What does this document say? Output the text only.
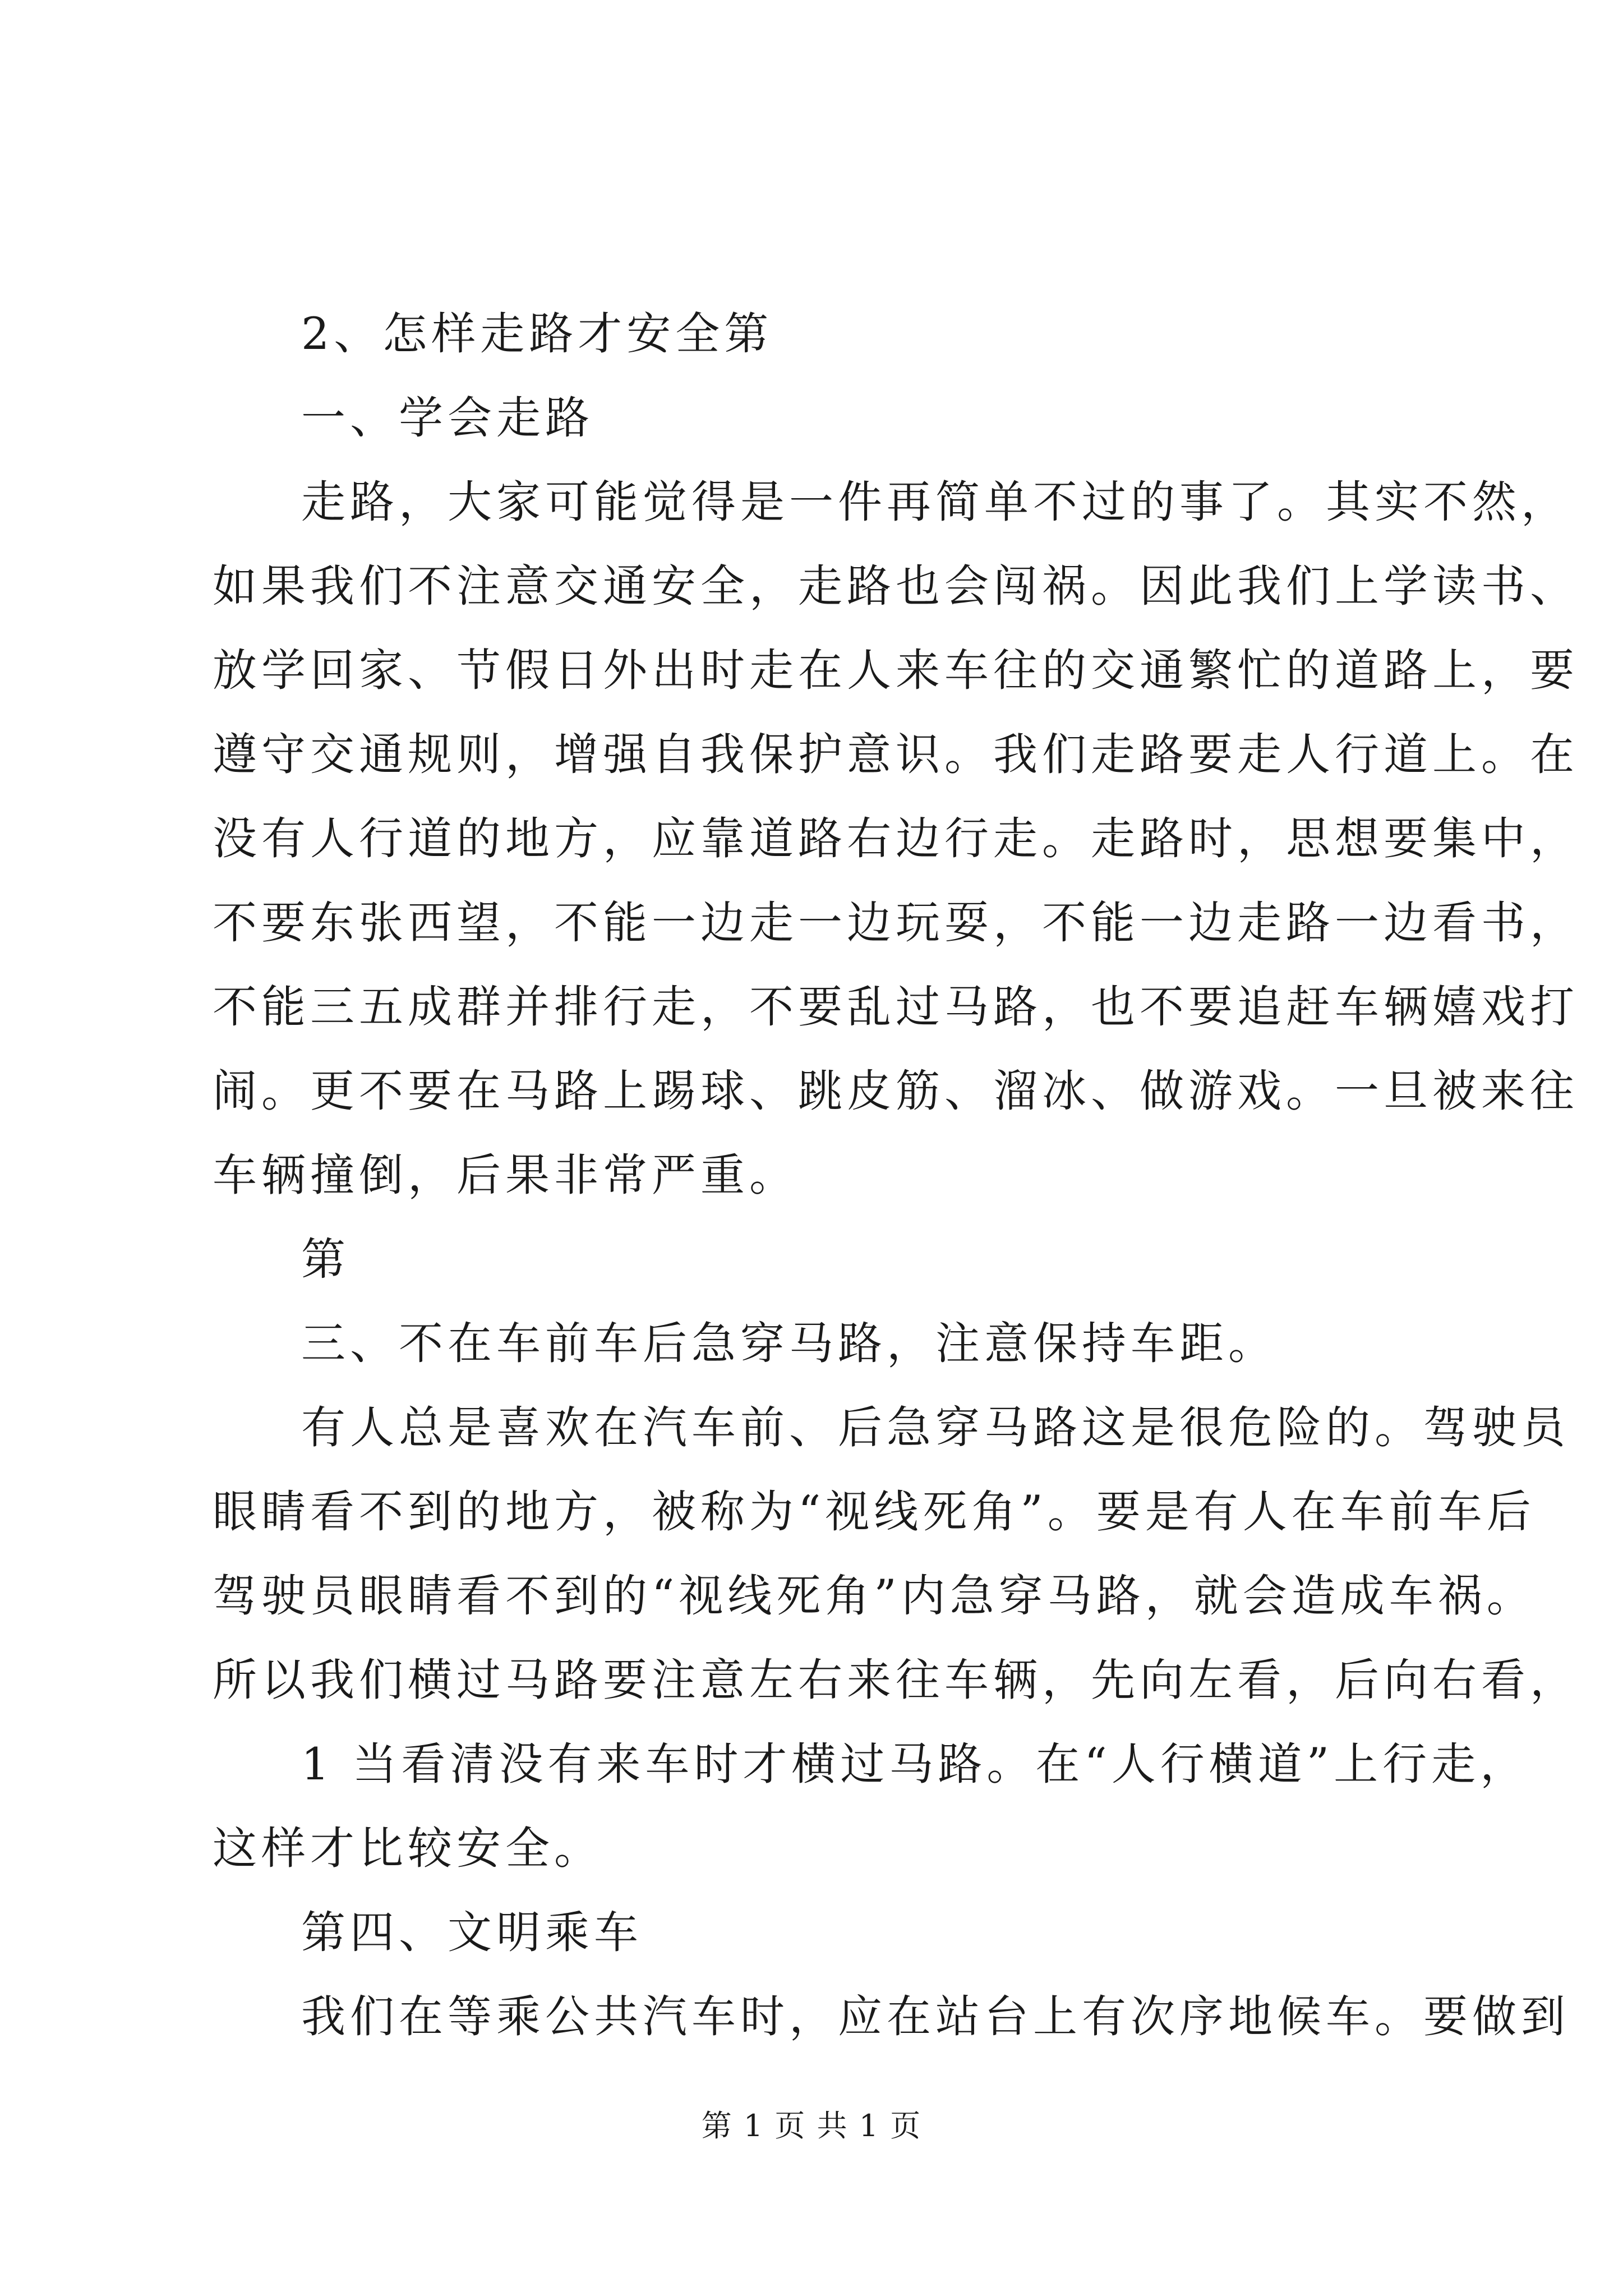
2、怎样走路才安全第
一、学会走路
走路，大家可能觉得是一件再简单不过的事了。其实不然，
如果我们不注意交通安全，走路也会闯祸。因此我们上学读书、
放学回家、节假日外出时走在人来车往的交通繁忙的道路上，要
遵守交通规则，增强自我保护意识。我们走路要走人行道上。在
没有人行道的地方，应靠道路右边行走。走路时，思想要集中，
不要东张西望，不能一边走一边玩耍，不能一边走路一边看书，
不能三五成群并排行走，不要乱过马路，也不要追赶车辆嬉戏打
闹。更不要在马路上踢球、跳皮筋、溜冰、做游戏。一旦被来往
车辆撞倒，后果非常严重。
第
三、不在车前车后急穿马路，注意保持车距。
有人总是喜欢在汽车前、后急穿马路这是很危险的。驾驶员
眼睛看不到的地方，被称为“视线死角”。要是有人在车前车后
驾驶员眼睛看不到的“视线死角”内急穿马路，就会造成车祸。
所以我们横过马路要注意左右来往车辆，先向左看，后向右看，
1 当看清没有来车时才横过马路。在“人行横道”上行走，
这样才比较安全。
第四、文明乘车
我们在等乘公共汽车时，应在站台上有次序地候车。要做到
第 1 页 共 1 页
